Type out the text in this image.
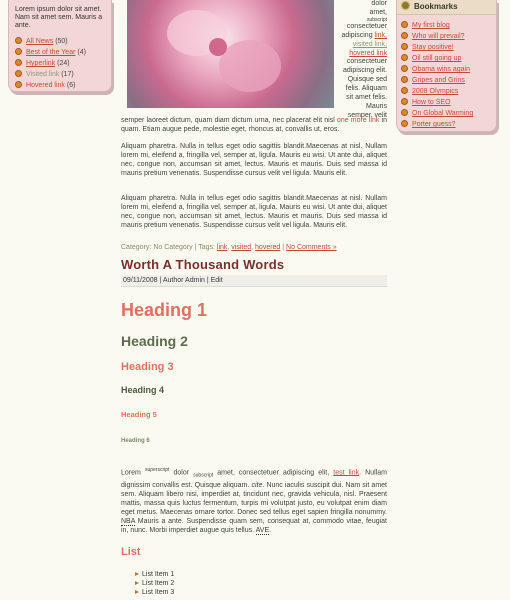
Lorem ipsum dolor sit amet. Nam sit amet sem. Mauris a ante.

All News (50)
Best of the Year (4)
Hyperlink (24)
Visited link (17)
Hovered link (6)
Bookmarks
My first blog
Who will prevail?
Stay positive!
Oil still going up
Obama wins again
Gripes and Grins
2008 Olympics
How to SEO
On Global Warming
Porter guess?
dolor
amet,
subscript
consectetuer
adipiscing link,
visited link,
hovered link
consectetuer
adipiscing elit.
Quisque sed
felis. Aliquam
sit amet felis.
Mauris
semper, velit

semper laoreet dictum, quam diam dictum urna, nec placerat elit nisl one more link in quam. Etiam augue pede, molestie eget, rhoncus at, convallis ut, eros.

Aliquam pharetra. Nulla in tellus eget odio sagittis blandit.Maecenas at nisl. Nullam lorem mi, eleifend a, fringilla vel, semper at, ligula. Mauris eu wisi. Ut ante dui, aliquet nec, congue non, accumsan sit amet, lectus. Mauris et mauris. Duis sed massa id mauris pretium venenatis. Suspendisse cursus velit vel ligula. Mauris elit.

Aliquam pharetra. Nulla in tellus eget odio sagittis blandit.Maecenas at nisl. Nullam lorem mi, eleifend a, fringilla vel, semper at, ligula. Mauris eu wisi. Ut ante dui, aliquet nec, congue non, accumsan sit amet, lectus. Mauris et mauris. Duis sed massa id mauris pretium venenatis. Suspendisse cursus velit vel ligula. Mauris elit.

Category: No Category | Tags: link, visited, hovered | No Comments »
Worth A Thousand Words
09/11/2008 | Author Admin | Edit
Heading 1
Heading 2
Heading 3
Heading 4
Heading 5
Heading 6

Lorem $^{superscript}$ dolor $_{subscript}$ amet, consectetuer adipiscing elit, test link. Nullam dignissim convallis est. Quisque aliquam. cite. Nunc iaculis suscipit dui. Nam sit amet sem. Aliquam libero nisi, imperdiet at, tincidunt nec, gravida vehicula, nisl. Praesent mattis, massa quis luctus fermentum, turpis mi volutpat justo, eu volutpat enim diam eget metus. Maecenas ornare tortor. Donec sed tellus eget sapien fringilla nonummy. NBA Mauris a ante. Suspendisse quam sem, consequat at, commodo vitae, feugiat in, nunc. Morbi imperdiet augue quis tellus. AVE.

List
List Item 1
List Item 2
List Item 3
